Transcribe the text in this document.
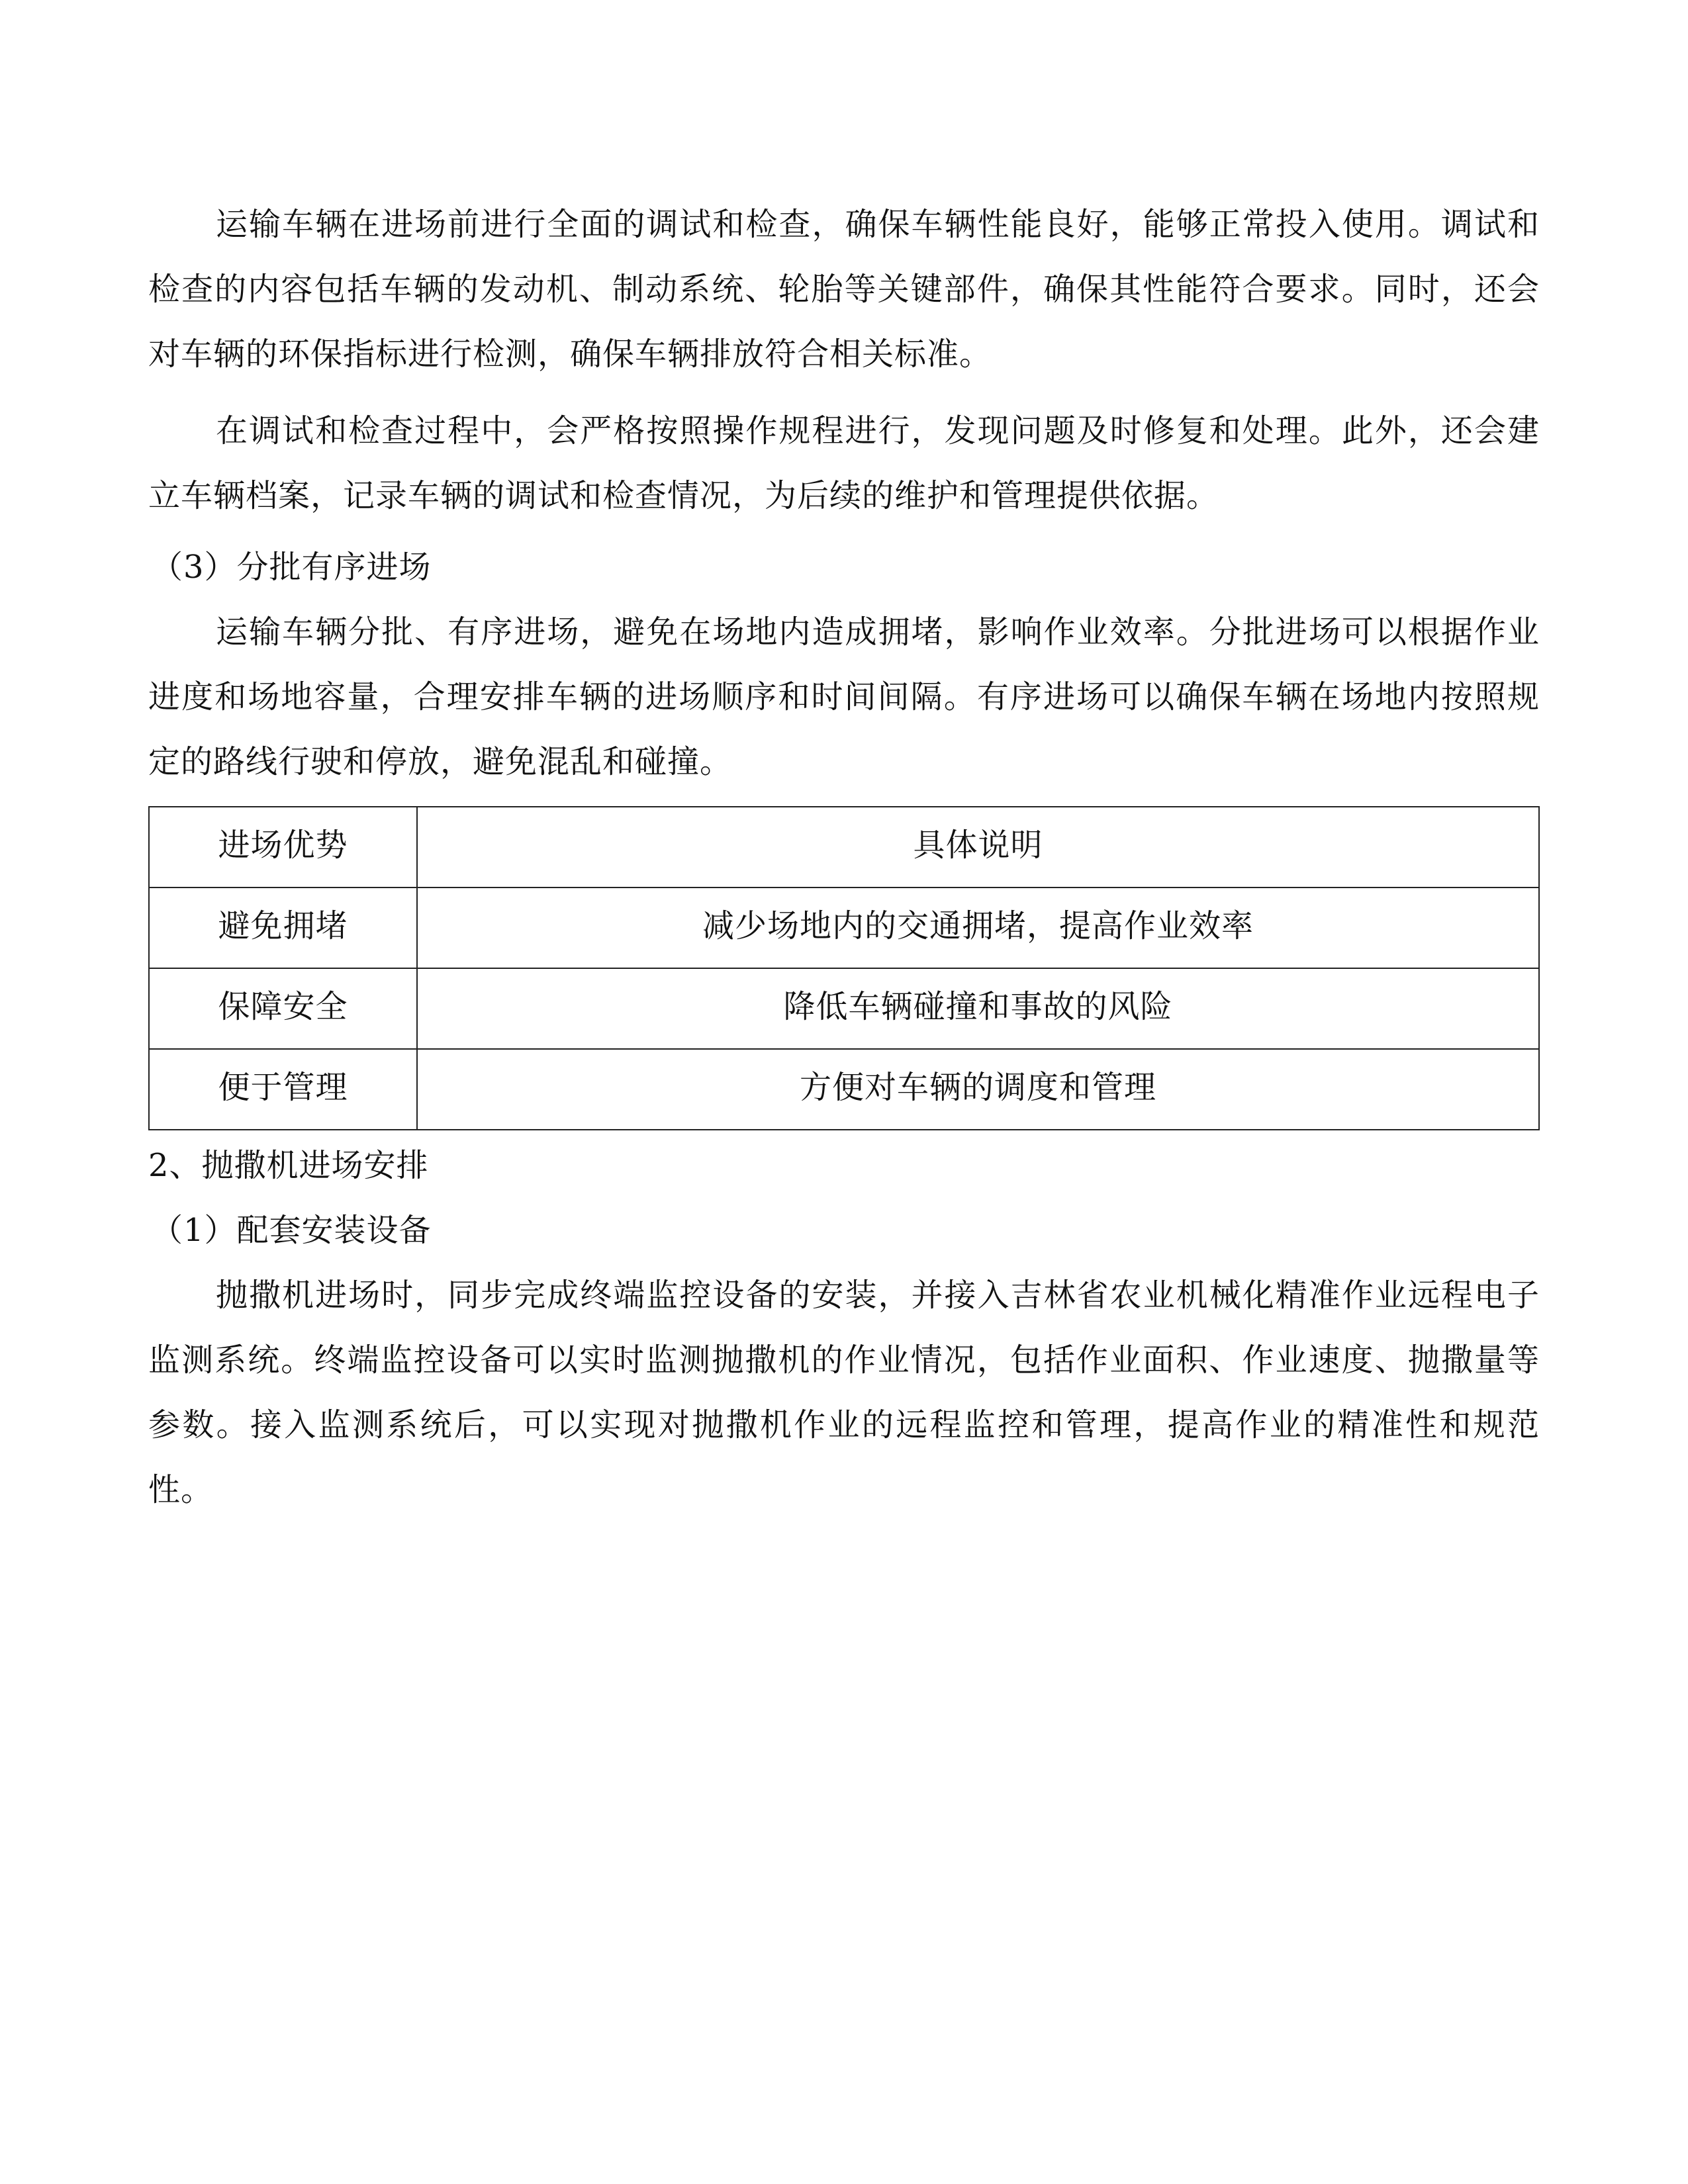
运输车辆在进场前进行全面的调试和检查，确保车辆性能良好，能够正常投入使用。调试和检查的内容包括车辆的发动机、制动系统、轮胎等关键部件，确保其性能符合要求。同时，还会对车辆的环保指标进行检测，确保车辆排放符合相关标准。

在调试和检查过程中，会严格按照操作规程进行，发现问题及时修复和处理。此外，还会建立车辆档案，记录车辆的调试和检查情况，为后续的维护和管理提供依据。

（3）分批有序进场

运输车辆分批、有序进场，避免在场地内造成拥堵，影响作业效率。分批进场可以根据作业进度和场地容量，合理安排车辆的进场顺序和时间间隔。有序进场可以确保车辆在场地内按照规定的路线行驶和停放，避免混乱和碰撞。

进场优势	具体说明
避免拥堵	减少场地内的交通拥堵，提高作业效率
保障安全	降低车辆碰撞和事故的风险
便于管理	方便对车辆的调度和管理

2、抛撒机进场安排

（1）配套安装设备

抛撒机进场时，同步完成终端监控设备的安装，并接入吉林省农业机械化精准作业远程电子监测系统。终端监控设备可以实时监测抛撒机的作业情况，包括作业面积、作业速度、抛撒量等参数。接入监测系统后，可以实现对抛撒机作业的远程监控和管理，提高作业的精准性和规范性。
